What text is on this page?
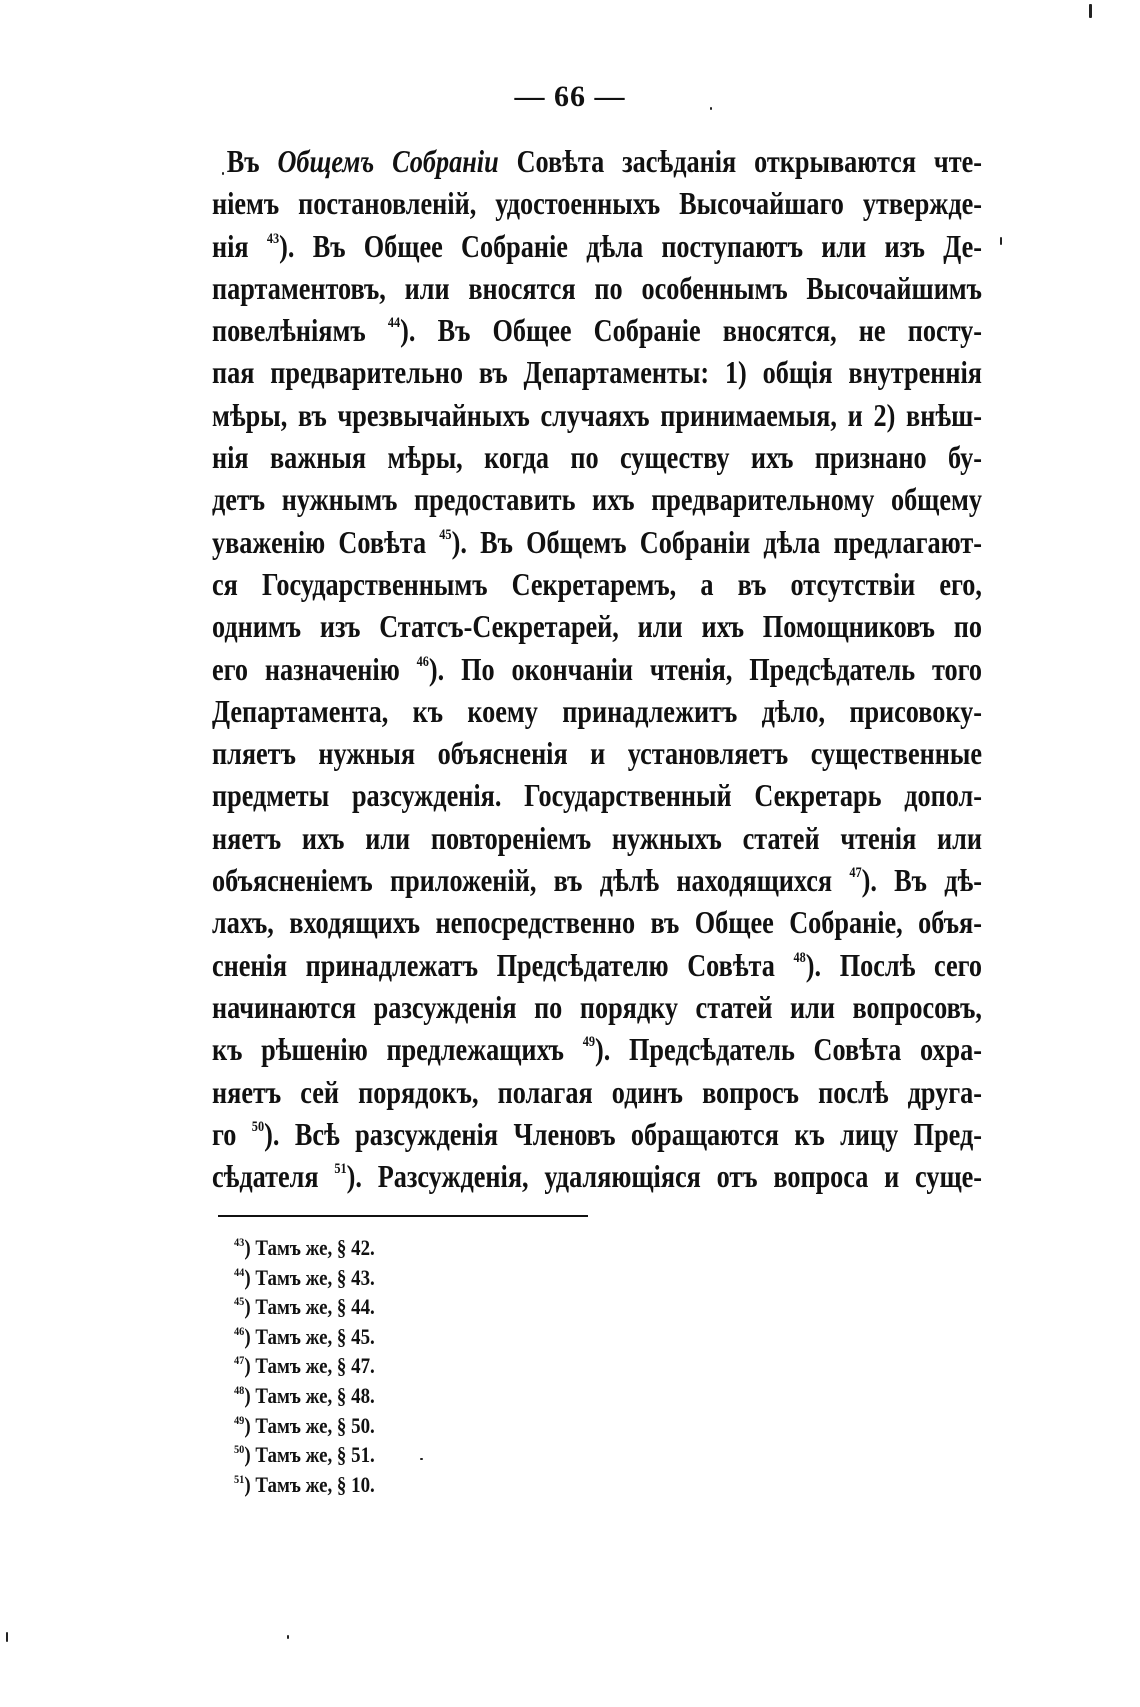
— 66 —
Въ Общемъ Собраніи Совѣта засѣданія открываются чте-
ніемъ постановленій, удостоенныхъ Высочайшаго утвержде-
нія $^{43}$). Въ Общее Собраніе дѣла поступаютъ или изъ Де-
партаментовъ, или вносятся по особеннымъ Высочайшимъ
повелѣніямъ $^{44}$). Въ Общее Собраніе вносятся, не посту-
пая предварительно въ Департаменты: 1) общія внутреннія
мѣры, въ чрезвычайныхъ случаяхъ принимаемыя, и 2) внѣш-
нія важныя мѣры, когда по существу ихъ признано бу-
детъ нужнымъ предоставить ихъ предварительному общему
уваженію Совѣта $^{45}$). Въ Общемъ Собраніи дѣла предлагают-
ся Государственнымъ Секретаремъ, а въ отсутствіи его,
однимъ изъ Статсъ-Секретарей, или ихъ Помощниковъ по
его назначенію $^{46}$). По окончаніи чтенія, Предсѣдатель того
Департамента, къ коему принадлежитъ дѣло, присовоку-
пляетъ нужныя объясненія и установляетъ существенные
предметы разсужденія. Государственный Секретарь допол-
няетъ ихъ или повтореніемъ нужныхъ статей чтенія или
объясненіемъ приложеній, въ дѣлѣ находящихся $^{47}$). Въ дѣ-
лахъ, входящихъ непосредственно въ Общее Собраніе, объя-
сненія принадлежатъ Предсѣдателю Совѣта $^{48}$). Послѣ сего
начинаются разсужденія по порядку статей или вопросовъ,
къ рѣшенію предлежащихъ $^{49}$). Предсѣдатель Совѣта охра-
няетъ сей порядокъ, полагая одинъ вопросъ послѣ друга-
го $^{50}$). Всѣ разсужденія Членовъ обращаются къ лицу Пред-
сѣдателя $^{51}$). Разсужденія, удаляющіяся отъ вопроса и суще-
$^{43}$) Тамъ же, § 42.
$^{44}$) Тамъ же, § 43.
$^{45}$) Тамъ же, § 44.
$^{46}$) Тамъ же, § 45.
$^{47}$) Тамъ же, § 47.
$^{48}$) Тамъ же, § 48.
$^{49}$) Тамъ же, § 50.
$^{50}$) Тамъ же, § 51.
$^{51}$) Тамъ же, § 10.
